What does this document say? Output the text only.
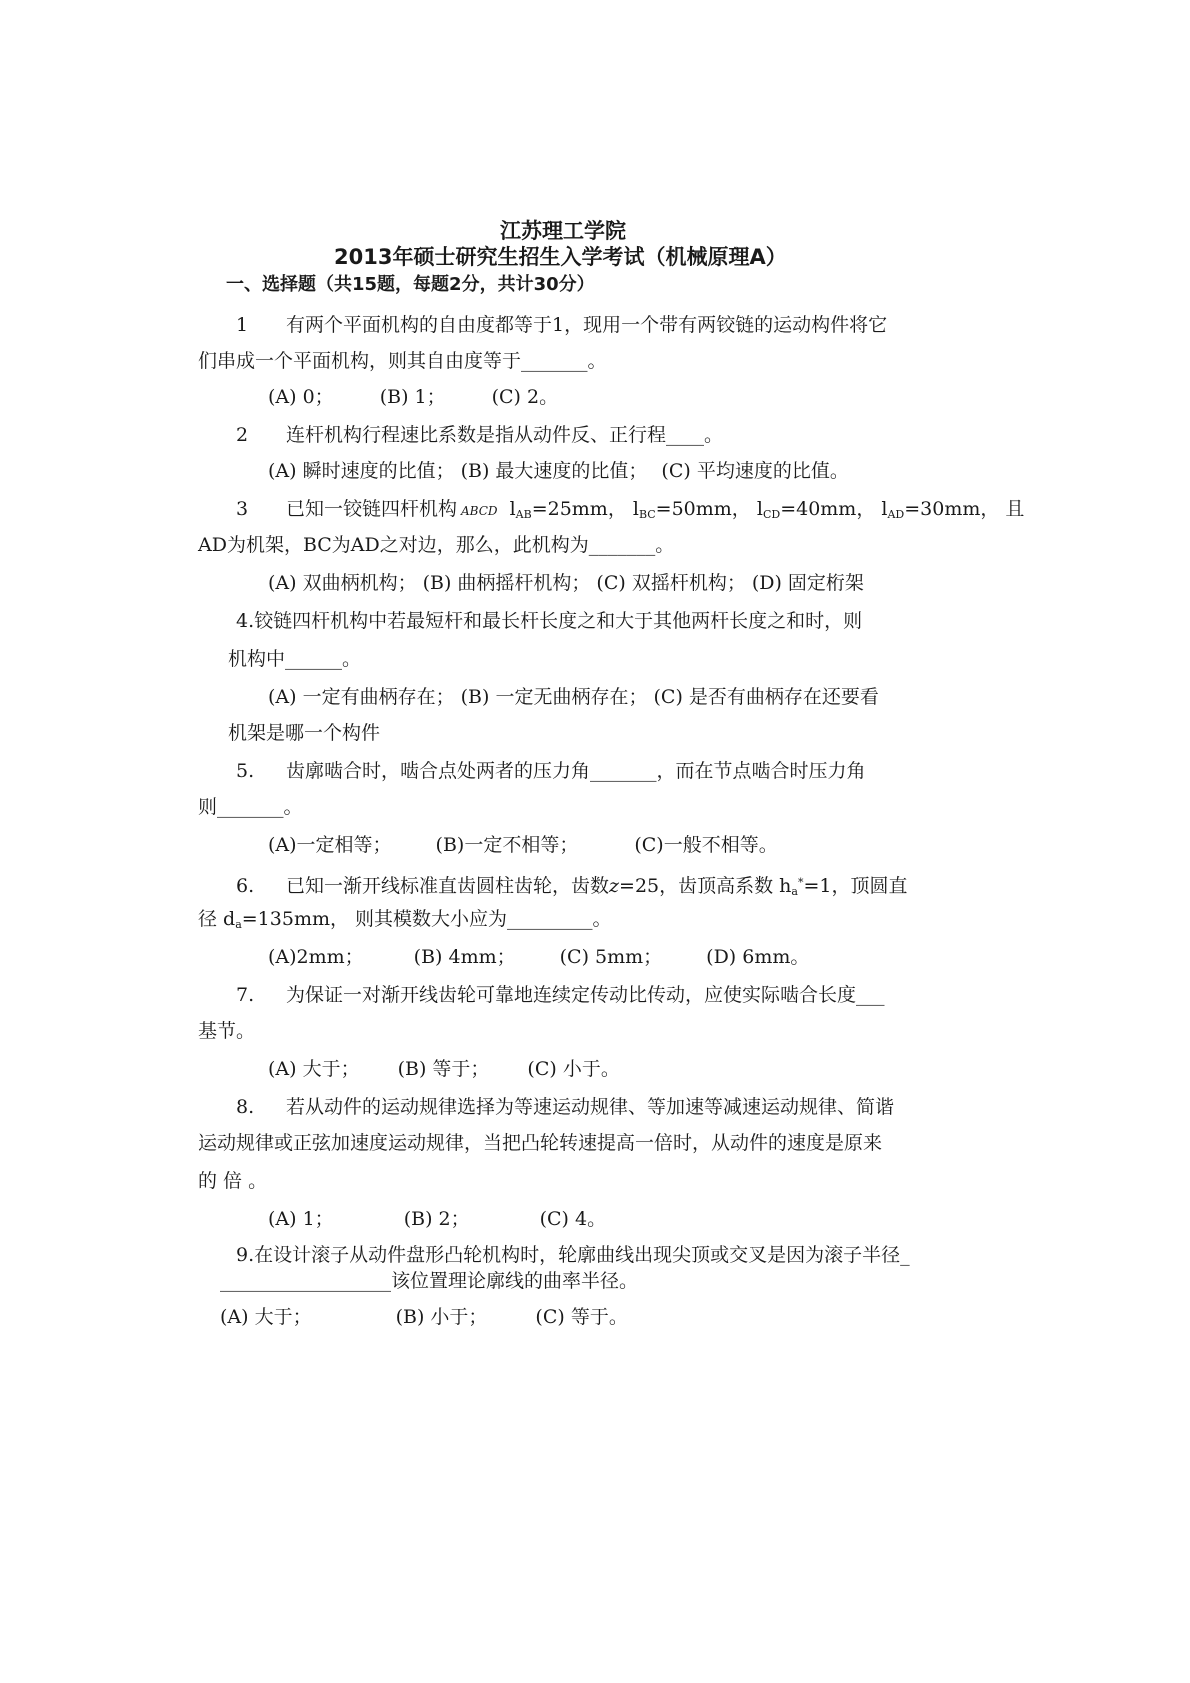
江苏理工学院
2013年硕士研究生招生入学考试（机械原理A）
一、选择题（共15题，每题2分，共计30分）
1 有两个平面机构的自由度都等于1，现用一个带有两铰链的运动构件将它
们串成一个平面机构，则其自由度等于_______。
(A) 0； (B) 1； (C) 2。
2 连杆机构行程速比系数是指从动件反、正行程____。
(A) 瞬时速度的比值； (B) 最大速度的比值； (C) 平均速度的比值。
3 已知一铰链四杆机构 ABCD $l_{AB}=25mm$， $l_{BC}=50mm$， $l_{CD}=40mm$， $l_{AD}=30mm$， 且
AD为机架，BC为AD之对边，那么，此机构为_______。
(A) 双曲柄机构； (B) 曲柄摇杆机构； (C) 双摇杆机构； (D) 固定桁架
4.铰链四杆机构中若最短杆和最长杆长度之和大于其他两杆长度之和时，则
机构中______。
(A) 一定有曲柄存在； (B) 一定无曲柄存在； (C) 是否有曲柄存在还要看
机架是哪一个构件
5. 齿廓啮合时，啮合点处两者的压力角_______，而在节点啮合时压力角
则_______。
(A)一定相等； (B)一定不相等；	(C)一般不相等。
6. 已知一渐开线标准直齿圆柱齿轮，齿数z=25，齿顶高系数 $h_a^*=1$，顶圆直
径 $d_a=135mm$， 则其模数大小应为_________。
(A)2mm；	(B) 4mm； (C) 5mm； (D) 6mm。
7. 为保证一对渐开线齿轮可靠地连续定传动比传动，应使实际啮合长度___
基节。
(A) 大于； (B) 等于； (C) 小于。
8. 若从动件的运动规律选择为等速运动规律、等加速等减速运动规律、简谐
运动规律或正弦加速度运动规律，当把凸轮转速提高一倍时，从动件的速度是原来
的 倍 。
(A) 1；	(B) 2；	(C) 4。
9.在设计滚子从动件盘形凸轮机构时，轮廓曲线出现尖顶或交叉是因为滚子半径_
__________________该位置理论廓线的曲率半径。
(A) 大于；	(B) 小于；	(C) 等于。
